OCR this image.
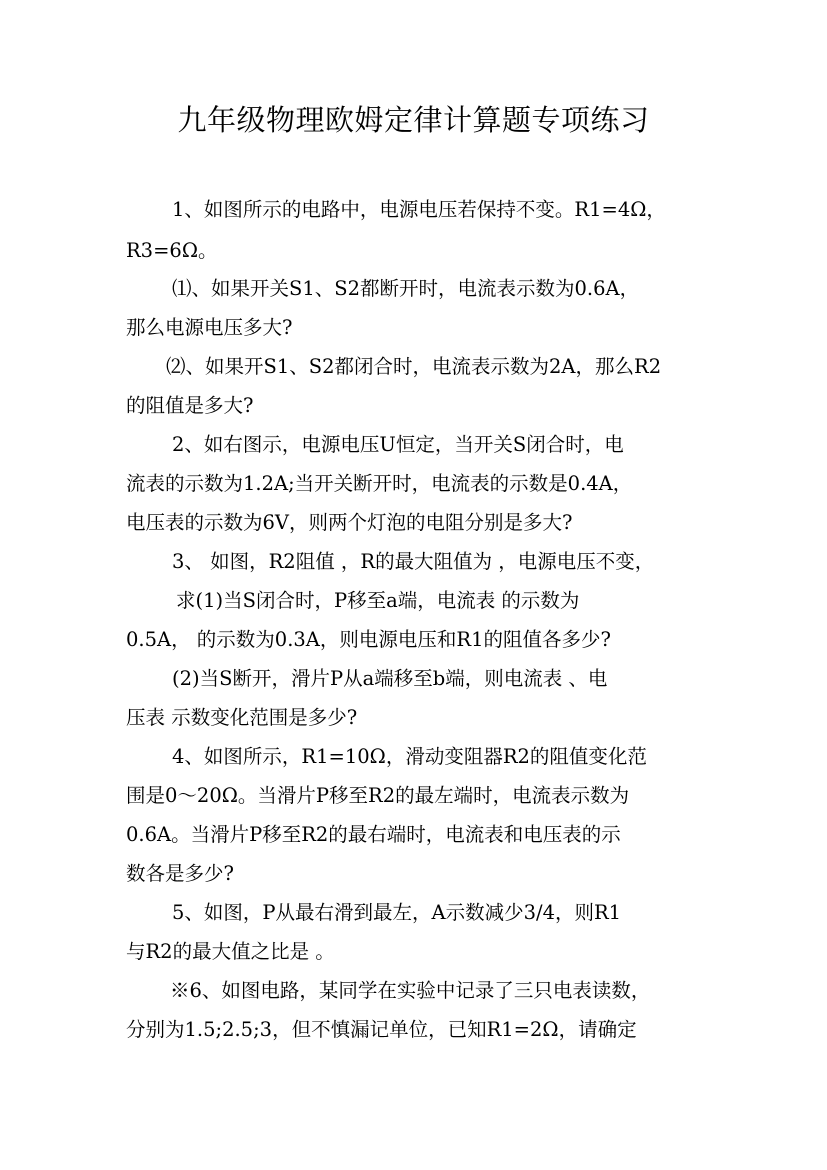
九年级物理欧姆定律计算题专项练习
1、如图所示的电路中，电源电压若保持不变。R1=4Ω，
R3=6Ω。
⑴、如果开关S1、S2都断开时，电流表示数为0.6A，
那么电源电压多大?
⑵、如果开S1、S2都闭合时，电流表示数为2A，那么R2
的阻值是多大?
2、如右图示，电源电压U恒定，当开关S闭合时，电
流表的示数为1.2A;当开关断开时，电流表的示数是0.4A，
电压表的示数为6V，则两个灯泡的电阻分别是多大?
3、 如图，R2阻值 ，R的最大阻值为 ，电源电压不变，
求(1)当S闭合时，P移至a端，电流表 的示数为
0.5A， 的示数为0.3A，则电源电压和R1的阻值各多少?
(2)当S断开，滑片P从a端移至b端，则电流表 、电
压表 示数变化范围是多少?
4、如图所示，R1=10Ω，滑动变阻器R2的阻值变化范
围是0～20Ω。当滑片P移至R2的最左端时，电流表示数为
0.6A。当滑片P移至R2的最右端时，电流表和电压表的示
数各是多少?
5、如图，P从最右滑到最左，A示数减少3/4，则R1
与R2的最大值之比是 。
※6、如图电路，某同学在实验中记录了三只电表读数，
分别为1.5;2.5;3，但不慎漏记单位，已知R1=2Ω，请确定
